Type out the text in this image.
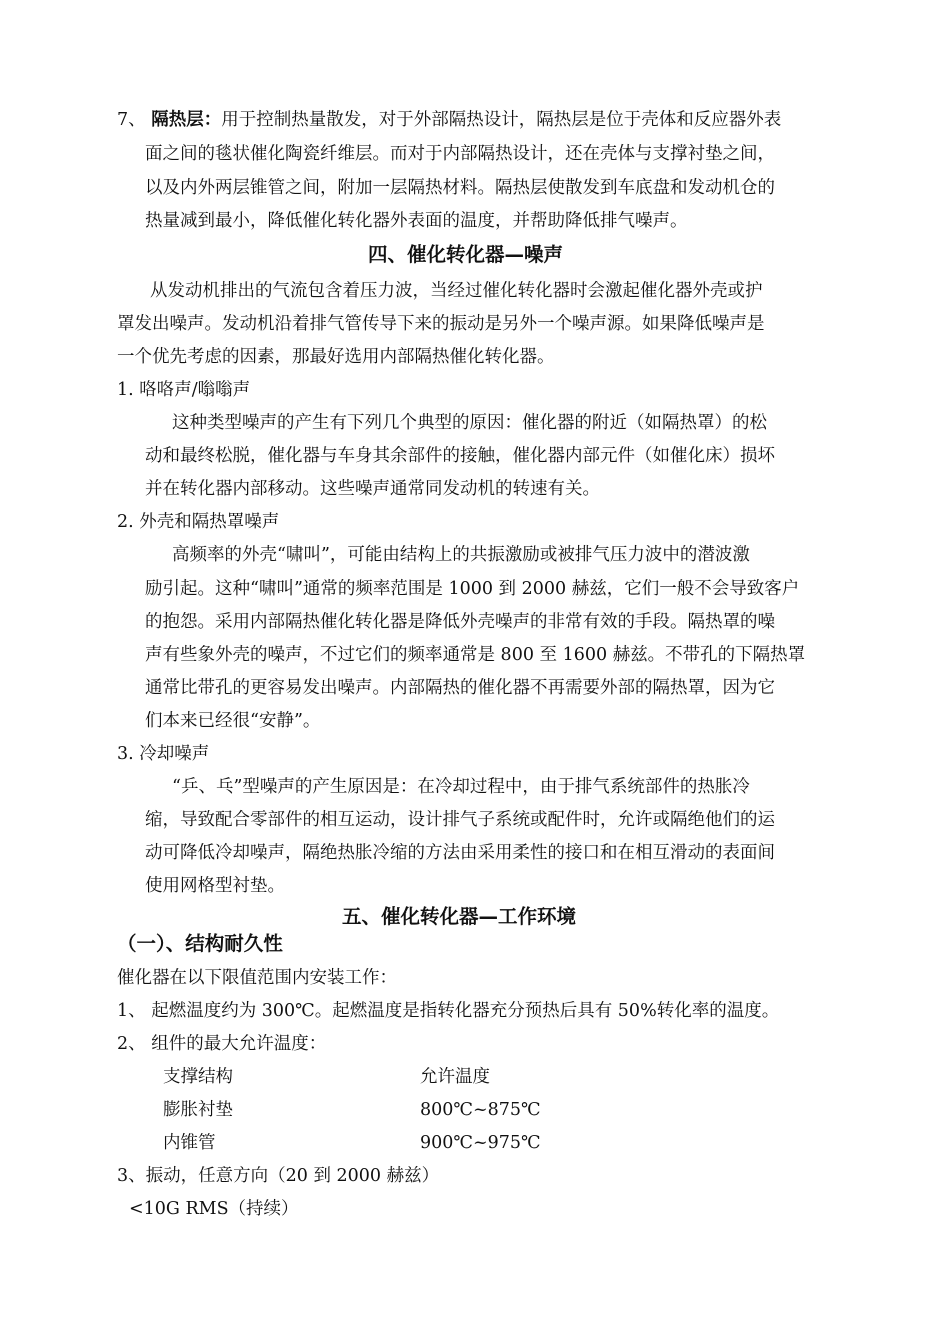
7、 隔热层：用于控制热量散发，对于外部隔热设计，隔热层是位于壳体和反应器外表
面之间的毯状催化陶瓷纤维层。而对于内部隔热设计，还在壳体与支撑衬垫之间，
以及内外两层锥管之间，附加一层隔热材料。隔热层使散发到车底盘和发动机仓的
热量减到最小，降低催化转化器外表面的温度，并帮助降低排气噪声。
四、催化转化器—噪声
从发动机排出的气流包含着压力波，当经过催化转化器时会激起催化器外壳或护
罩发出噪声。发动机沿着排气管传导下来的振动是另外一个噪声源。如果降低噪声是
一个优先考虑的因素，那最好选用内部隔热催化转化器。
1. 咯咯声/嗡嗡声
这种类型噪声的产生有下列几个典型的原因：催化器的附近（如隔热罩）的松
动和最终松脱，催化器与车身其余部件的接触，催化器内部元件（如催化床）损坏
并在转化器内部移动。这些噪声通常同发动机的转速有关。
2. 外壳和隔热罩噪声
高频率的外壳“啸叫”，可能由结构上的共振激励或被排气压力波中的潜波激
励引起。这种“啸叫”通常的频率范围是 1000 到 2000 赫兹，它们一般不会导致客户
的抱怨。采用内部隔热催化转化器是降低外壳噪声的非常有效的手段。隔热罩的噪
声有些象外壳的噪声，不过它们的频率通常是 800 至 1600 赫兹。不带孔的下隔热罩
通常比带孔的更容易发出噪声。内部隔热的催化器不再需要外部的隔热罩，因为它
们本来已经很“安静”。
3. 冷却噪声
“乒、乓”型噪声的产生原因是：在冷却过程中，由于排气系统部件的热胀冷
缩，导致配合零部件的相互运动，设计排气子系统或配件时，允许或隔绝他们的运
动可降低冷却噪声，隔绝热胀冷缩的方法由采用柔性的接口和在相互滑动的表面间
使用网格型衬垫。
五、催化转化器—工作环境
（一）、结构耐久性
催化器在以下限值范围内安装工作：
1、 起燃温度约为 300℃。起燃温度是指转化器充分预热后具有 50%转化率的温度。
2、 组件的最大允许温度：
支撑结构	允许温度
膨胀衬垫	800℃~875℃
内锥管	900℃~975℃
3、振动，任意方向（20 到 2000 赫兹）
<10G RMS（持续）
